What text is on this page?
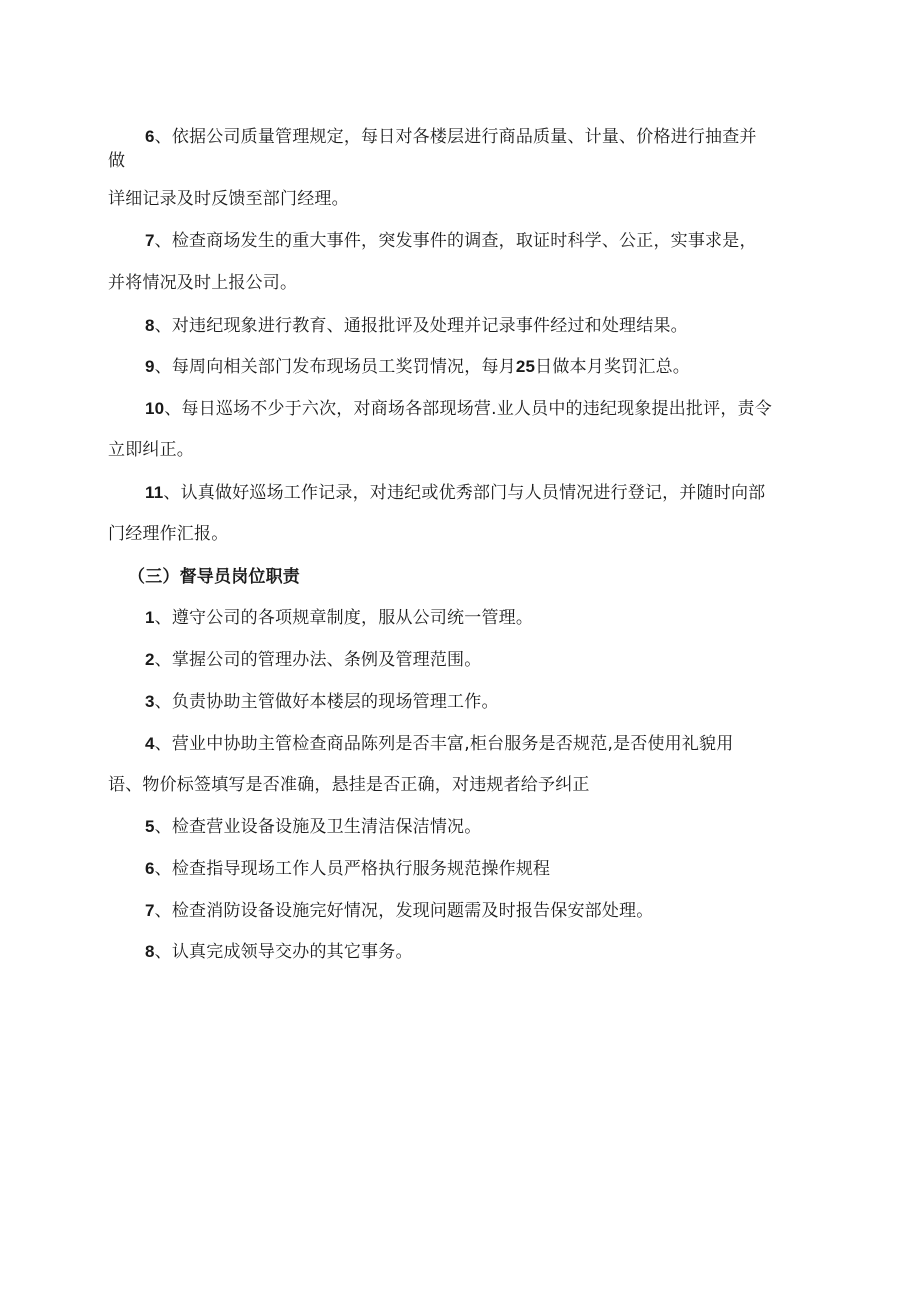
6、依据公司质量管理规定，每日对各楼层进行商品质量、计量、价格进行抽查并
做
详细记录及时反馈至部门经理。
7、检查商场发生的重大事件，突发事件的调查，取证时科学、公正，实事求是，
并将情况及时上报公司。
8、对违纪现象进行教育、通报批评及处理并记录事件经过和处理结果。
9、每周向相关部门发布现场员工奖罚情况，每月25日做本月奖罚汇总。
10、每日巡场不少于六次，对商场各部现场营.业人员中的违纪现象提出批评，责令
立即纠正。
11、认真做好巡场工作记录，对违纪或优秀部门与人员情况进行登记，并随时向部
门经理作汇报。
（三）督导员岗位职责
1、遵守公司的各项规章制度，服从公司统一管理。
2、掌握公司的管理办法、条例及管理范围。
3、负责协助主管做好本楼层的现场管理工作。
4、营业中协助主管检查商品陈列是否丰富,柜台服务是否规范,是否使用礼貌用
语、物价标签填写是否准确，悬挂是否正确，对违规者给予纠正
5、检查营业设备设施及卫生清洁保洁情况。
6、检查指导现场工作人员严格执行服务规范操作规程
7、检查消防设备设施完好情况，发现问题需及时报告保安部处理。
8、认真完成领导交办的其它事务。
